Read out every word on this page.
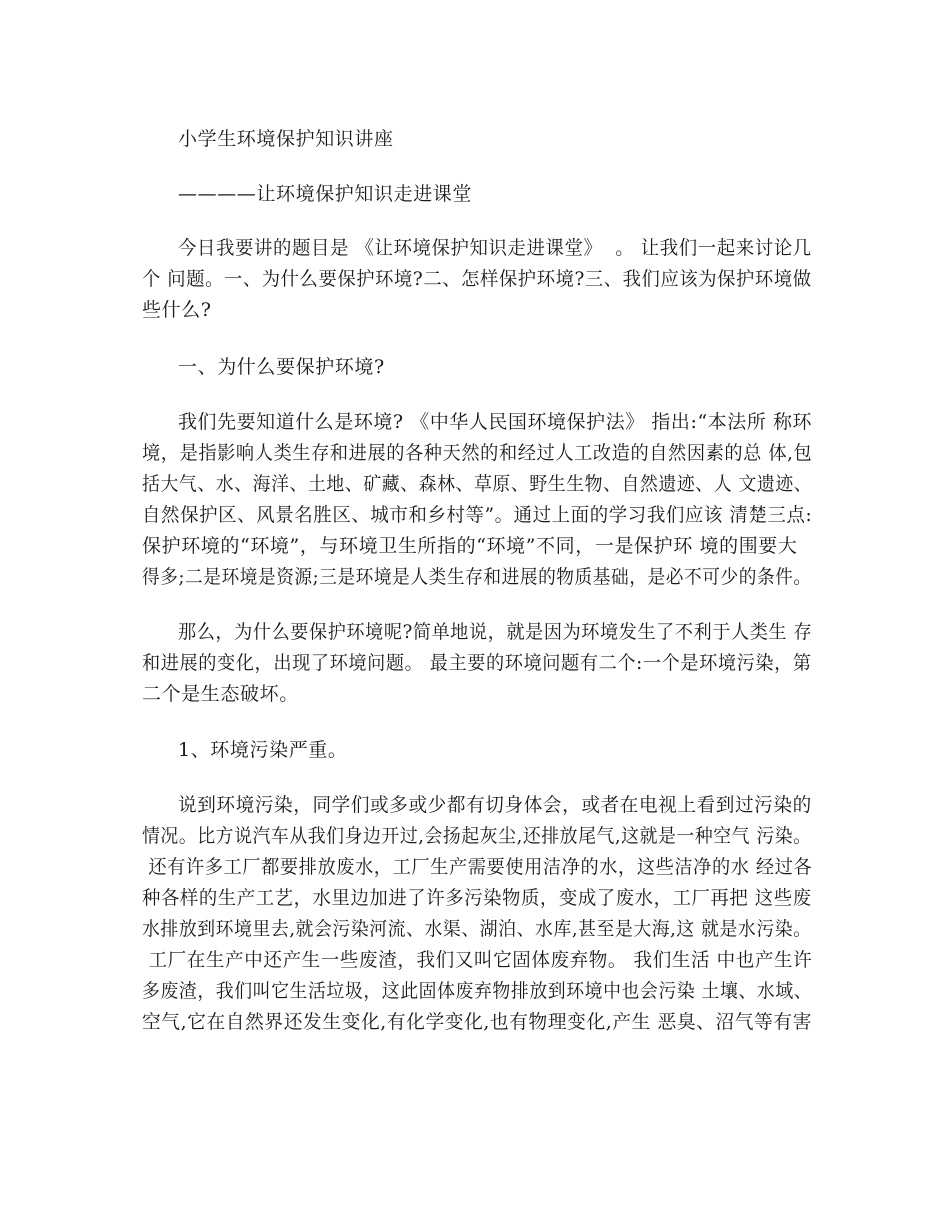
小学生环境保护知识讲座
————让环境保护知识走进课堂
今日我要讲的题目是 《让环境保护知识走进课堂》  。 让我们一起来讨论几
个 问题。一、为什么要保护环境?二、怎样保护环境?三、我们应该为保护环境做
些什么?
一、为什么要保护环境?
我们先要知道什么是环境? 《中华人民国环境保护法》 指出:“本法所 称环
境，是指影响人类生存和进展的各种天然的和经过人工改造的自然因素的总 体,包
括大气、水、海洋、土地、矿藏、森林、草原、野生生物、自然遗迹、人 文遗迹、
自然保护区、风景名胜区、城市和乡村等”。通过上面的学习我们应该 清楚三点:
保护环境的“环境”，与环境卫生所指的“环境”不同，一是保护环 境的围要大
得多;二是环境是资源;三是环境是人类生存和进展的物质基础，是必不可少的条件。
那么，为什么要保护环境呢?简单地说，就是因为环境发生了不利于人类生 存
和进展的变化，出现了环境问题。 最主要的环境问题有二个:一个是环境污染，第
二个是生态破坏。
1、环境污染严重。
说到环境污染，同学们或多或少都有切身体会，或者在电视上看到过污染的
情况。比方说汽车从我们身边开过,会扬起灰尘,还排放尾气,这就是一种空气 污染。
还有许多工厂都要排放废水，工厂生产需要使用洁净的水，这些洁净的水 经过各
种各样的生产工艺，水里边加进了许多污染物质，变成了废水，工厂再把 这些废
水排放到环境里去,就会污染河流、水渠、湖泊、水库,甚至是大海,这 就是水污染。
工厂在生产中还产生一些废渣，我们又叫它固体废弃物。 我们生活 中也产生许
多废渣，我们叫它生活垃圾，这此固体废弃物排放到环境中也会污染 土壤、水域、
空气,它在自然界还发生变化,有化学变化,也有物理变化,产生 恶臭、沼气等有害
